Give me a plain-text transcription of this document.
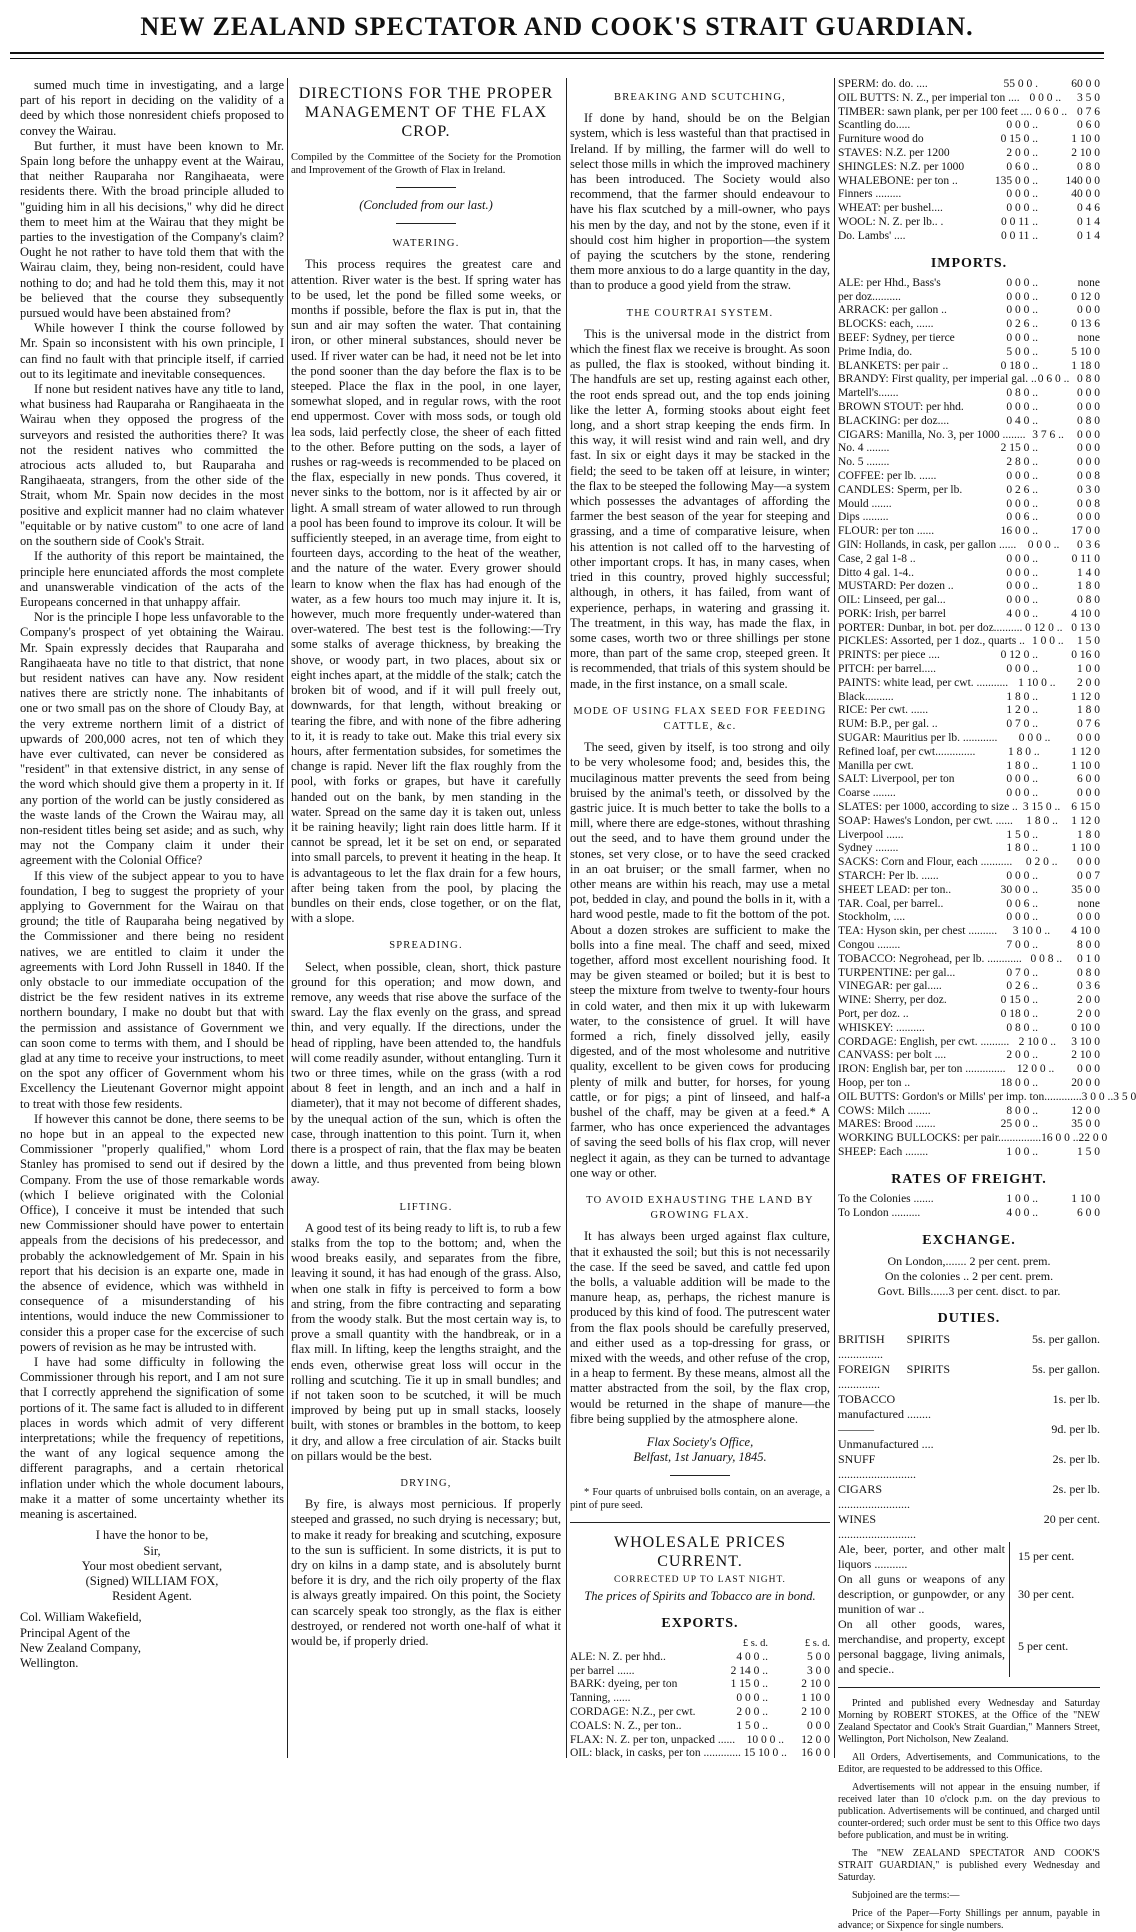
NEW ZEALAND SPECTATOR AND COOK'S STRAIT GUARDIAN.

sumed much time in investigating, and a large part of his report in deciding on the validity of a deed by which those nonresident chiefs proposed to convey the Wairau.

But further, it must have been known to Mr. Spain long before the unhappy event at the Wairau, that neither Rauparaha nor Rangihaeata, were residents there. With the broad principle alluded to "guiding him in all his decisions," why did he direct them to meet him at the Wairau that they might be parties to the investigation of the Company's claim? Ought he not rather to have told them that with the Wairau claim, they, being non-resident, could have nothing to do; and had he told them this, may it not be believed that the course they subsequently pursued would have been abstained from?

While however I think the course followed by Mr. Spain so inconsistent with his own principle, I can find no fault with that principle itself, if carried out to its legitimate and inevitable consequences.

If none but resident natives have any title to land, what business had Rauparaha or Rangihaeata in the Wairau when they opposed the progress of the surveyors and resisted the authorities there? It was not the resident natives who committed the atrocious acts alluded to, but Rauparaha and Rangihaeata, strangers, from the other side of the Strait, whom Mr. Spain now decides in the most positive and explicit manner had no claim whatever "equitable or by native custom" to one acre of land on the southern side of Cook's Strait.

If the authority of this report be maintained, the principle here enunciated affords the most complete and unanswerable vindication of the acts of the Europeans concerned in that unhappy affair.

Nor is the principle I hope less unfavorable to the Company's prospect of yet obtaining the Wairau. Mr. Spain expressly decides that Rauparaha and Rangihaeata have no title to that district, that none but resident natives can have any. Now resident natives there are strictly none. The inhabitants of one or two small pas on the shore of Cloudy Bay, at the very extreme northern limit of a district of upwards of 200,000 acres, not ten of which they have ever cultivated, can never be considered as "resident" in that extensive district, in any sense of the word which should give them a property in it. If any portion of the world can be justly considered as the waste lands of the Crown the Wairau may, all non-resident titles being set aside; and as such, why may not the Company claim it under their agreement with the Colonial Office?

If this view of the subject appear to you to have foundation, I beg to suggest the propriety of your applying to Government for the Wairau on that ground; the title of Rauparaha being negatived by the Commissioner and there being no resident natives, we are entitled to claim it under the agreements with Lord John Russell in 1840. If the only obstacle to our immediate occupation of the district be the few resident natives in its extreme northern boundary, I make no doubt but that with the permission and assistance of Government we can soon come to terms with them, and I should be glad at any time to receive your instructions, to meet on the spot any officer of Government whom his Excellency the Lieutenant Governor might appoint to treat with those few residents.

If however this cannot be done, there seems to be no hope but in an appeal to the expected new Commissioner "properly qualified," whom Lord Stanley has promised to send out if desired by the Company. From the use of those remarkable words (which I believe originated with the Colonial Office), I conceive it must be intended that such new Commissioner should have power to entertain appeals from the decisions of his predecessor, and probably the acknowledgement of Mr. Spain in his report that his decision is an exparte one, made in the absence of evidence, which was withheld in consequence of a misunderstanding of his intentions, would induce the new Commissioner to consider this a proper case for the excercise of such powers of revision as he may be intrusted with.

I have had some difficulty in following the Commissioner through his report, and I am not sure that I correctly apprehend the signification of some portions of it. The same fact is alluded to in different places in words which admit of very different interpretations; while the frequency of repetitions, the want of any logical sequence among the different paragraphs, and a certain rhetorical inflation under which the whole document labours, make it a matter of some uncertainty whether its meaning is ascertained.

I have the honor to be,
Sir,
Your most obedient servant,
(Signed) WILLIAM FOX,
Resident Agent.
Col. William Wakefield,
Principal Agent of the
New Zealand Company,
Wellington.
DIRECTIONS FOR THE PROPER MANAGEMENT OF THE FLAX CROP.
Compiled by the Committee of the Society for the Promotion and Improvement of the Growth of Flax in Ireland.
(Concluded from our last.)
WATERING.

This process requires the greatest care and attention. River water is the best. If spring water has to be used, let the pond be filled some weeks, or months if possible, before the flax is put in, that the sun and air may soften the water. That containing iron, or other mineral substances, should never be used. If river water can be had, it need not be let into the pond sooner than the day before the flax is to be steeped. Place the flax in the pool, in one layer, somewhat sloped, and in regular rows, with the root end uppermost. Cover with moss sods, or tough old lea sods, laid perfectly close, the sheer of each fitted to the other. Before putting on the sods, a layer of rushes or rag-weeds is recommended to be placed on the flax, especially in new ponds. Thus covered, it never sinks to the bottom, nor is it affected by air or light. A small stream of water allowed to run through a pool has been found to improve its colour. It will be sufficiently steeped, in an average time, from eight to fourteen days, according to the heat of the weather, and the nature of the water. Every grower should learn to know when the flax has had enough of the water, as a few hours too much may injure it. It is, however, much more frequently under-watered than over-watered. The best test is the following:—Try some stalks of average thickness, by breaking the shove, or woody part, in two places, about six or eight inches apart, at the middle of the stalk; catch the broken bit of wood, and if it will pull freely out, downwards, for that length, without breaking or tearing the fibre, and with none of the fibre adhering to it, it is ready to take out. Make this trial every six hours, after fermentation subsides, for sometimes the change is rapid. Never lift the flax roughly from the pool, with forks or grapes, but have it carefully handed out on the bank, by men standing in the water. Spread on the same day it is taken out, unless it be raining heavily; light rain does little harm. If it cannot be spread, let it be set on end, or separated into small parcels, to prevent it heating in the heap. It is advantageous to let the flax drain for a few hours, after being taken from the pool, by placing the bundles on their ends, close together, or on the flat, with a slope.

SPREADING.

Select, when possible, clean, short, thick pasture ground for this operation; and mow down, and remove, any weeds that rise above the surface of the sward. Lay the flax evenly on the grass, and spread thin, and very equally. If the directions, under the head of rippling, have been attended to, the handfuls will come readily asunder, without entangling. Turn it two or three times, while on the grass (with a rod about 8 feet in length, and an inch and a half in diameter), that it may not become of different shades, by the unequal action of the sun, which is often the case, through inattention to this point. Turn it, when there is a prospect of rain, that the flax may be beaten down a little, and thus prevented from being blown away.

LIFTING.

A good test of its being ready to lift is, to rub a few stalks from the top to the bottom; and, when the wood breaks easily, and separates from the fibre, leaving it sound, it has had enough of the grass. Also, when one stalk in fifty is perceived to form a bow and string, from the fibre contracting and separating from the woody stalk. But the most certain way is, to prove a small quantity with the handbreak, or in a flax mill. In lifting, keep the lengths straight, and the ends even, otherwise great loss will occur in the rolling and scutching. Tie it up in small bundles; and if not taken soon to be scutched, it will be much improved by being put up in small stacks, loosely built, with stones or brambles in the bottom, to keep it dry, and allow a free circulation of air. Stacks built on pillars would be the best.

DRYING,

By fire, is always most pernicious. If properly steeped and grassed, no such drying is necessary; but, to make it ready for breaking and scutching, exposure to the sun is sufficient. In some districts, it is put to dry on kilns in a damp state, and is absolutely burnt before it is dry, and the rich oily property of the flax is always greatly impaired. On this point, the Society can scarcely speak too strongly, as the flax is either destroyed, or rendered not worth one-half of what it would be, if properly dried.

BREAKING AND SCUTCHING,

If done by hand, should be on the Belgian system, which is less wasteful than that practised in Ireland. If by milling, the farmer will do well to select those mills in which the improved machinery has been introduced. The Society would also recommend, that the farmer should endeavour to have his flax scutched by a mill-owner, who pays his men by the day, and not by the stone, even if it should cost him higher in proportion—the system of paying the scutchers by the stone, rendering them more anxious to do a large quantity in the day, than to produce a good yield from the straw.

THE COURTRAI SYSTEM.

This is the universal mode in the district from which the finest flax we receive is brought. As soon as pulled, the flax is stooked, without binding it. The handfuls are set up, resting against each other, the root ends spread out, and the top ends joining like the letter A, forming stooks about eight feet long, and a short strap keeping the ends firm. In this way, it will resist wind and rain well, and dry fast. In six or eight days it may be stacked in the field; the seed to be taken off at leisure, in winter; the flax to be steeped the following May—a system which possesses the advantages of affording the farmer the best season of the year for steeping and grassing, and a time of comparative leisure, when his attention is not called off to the harvesting of other important crops. It has, in many cases, when tried in this country, proved highly successful; although, in others, it has failed, from want of experience, perhaps, in watering and grassing it. The treatment, in this way, has made the flax, in some cases, worth two or three shillings per stone more, than part of the same crop, steeped green. It is recommended, that trials of this system should be made, in the first instance, on a small scale.

MODE OF USING FLAX SEED FOR FEEDING CATTLE, &c.

The seed, given by itself, is too strong and oily to be very wholesome food; and, besides this, the mucilaginous matter prevents the seed from being bruised by the animal's teeth, or dissolved by the gastric juice. It is much better to take the bolls to a mill, where there are edge-stones, without thrashing out the seed, and to have them ground under the stones, set very close, or to have the seed cracked in an oat bruiser; or the small farmer, when no other means are within his reach, may use a metal pot, bedded in clay, and pound the bolls in it, with a hard wood pestle, made to fit the bottom of the pot. About a dozen strokes are sufficient to make the bolls into a fine meal. The chaff and seed, mixed together, afford most excellent nourishing food. It may be given steamed or boiled; but it is best to steep the mixture from twelve to twenty-four hours in cold water, and then mix it up with lukewarm water, to the consistence of gruel. It will have formed a rich, finely dissolved jelly, easily digested, and of the most wholesome and nutritive quality, excellent to be given cows for producing plenty of milk and butter, for horses, for young cattle, or for pigs; a pint of linseed, and half-a bushel of the chaff, may be given at a feed.* A farmer, who has once experienced the advantages of saving the seed bolls of his flax crop, will never neglect it again, as they can be turned to advantage one way or other.

TO AVOID EXHAUSTING THE LAND BY GROWING FLAX.

It has always been urged against flax culture, that it exhausted the soil; but this is not necessarily the case. If the seed be saved, and cattle fed upon the bolls, a valuable addition will be made to the manure heap, as, perhaps, the richest manure is produced by this kind of food. The putrescent water from the flax pools should be carefully preserved, and either used as a top-dressing for grass, or mixed with the weeds, and other refuse of the crop, in a heap to ferment. By these means, almost all the matter abstracted from the soil, by the flax crop, would be returned in the shape of manure—the fibre being supplied by the atmosphere alone.

Flax Society's Office,
Belfast, 1st January, 1845.

* Four quarts of unbruised bolls contain, on an average, a pint of pure seed.

WHOLESALE PRICES CURRENT.
CORRECTED UP TO LAST NIGHT.
The prices of Spirits and Tobacco are in bond.
EXPORTS.
£ s. d.	£ s. d.
ALE: N. Z. per hhd..	4 0 0 ..	5 0 0
per barrel ......	2 14 0 ..	3 0 0
BARK: dyeing, per ton	1 15 0 ..	2 10 0
Tanning, ......	0 0 0 ..	1 10 0
CORDAGE: N.Z., per cwt.	2 0 0 ..	2 10 0
COALS: N. Z., per ton..	1 5 0 ..	0 0 0
FLAX: N. Z. per ton, unpacked ......	10 0 0 ..	12 0 0
OIL: black, in casks, per ton ............. 15 10 0 ..	16 0 0
SPERM: do. do. ....	55 0 0 .	60 0 0
OIL BUTTS: N. Z., per imperial ton .... 0 0 0 ..	3 5 0
TIMBER: sawn plank, per per 100 feet .... 0 6 0 .. 0 7 6
Scantling do.....	0 0 0 ..	0 6 0
Furniture wood do	0 15 0 ..	1 10 0
STAVES: N.Z. per 1200	2 0 0 ..	2 10 0
SHINGLES: N.Z. per 1000	0 6 0 ..	0 8 0
WHALEBONE: per ton ..	135 0 0 ..	140 0 0
Finners .........	0 0 0 ..	40 0 0
WHEAT: per bushel....	0 0 0 ..	0 4 6
WOOL: N. Z. per lb.. .	0 0 11 ..	0 1 4
Do. Lambs' ....	0 0 11 ..	0 1 4
IMPORTS.
ALE: per Hhd., Bass's	0 0 0 ..	none
per doz..........	0 0 0 ..	0 12 0
ARRACK: per gallon ..	0 0 0 ..	0 0 0
BLOCKS: each, ......	0 2 6 ..	0 13 6
BEEF: Sydney, per tierce	0 0 0 ..	none
Prime India, do.	5 0 0 ..	5 10 0
BLANKETS: per pair ..	0 18 0 ..	1 18 0
BRANDY: First quality, per imperial gal. .. 0 6 0 .. 0 8 0
Martell's.......	0 8 0 ..	0 0 0
BROWN STOUT: per hhd.	0 0 0 ..	0 0 0
BLACKING: per doz....	0 4 0 ..	0 8 0
CIGARS: Manilla, No. 3, per 1000 ........ 3 7 6 ..	0 0 0
No. 4 ........	2 15 0 ..	0 0 0
No. 5 ........	2 8 0 ..	0 0 0
COFFEE: per lb. ......	0 0 0 ..	0 0 8
CANDLES: Sperm, per lb.	0 2 6 ..	0 3 0
Mould .......	0 0 0 ..	0 0 8
Dips .........	0 0 6 ..	0 0 0
FLOUR: per ton ......	16 0 0 ..	17 0 0
GIN: Hollands, in cask, per gallon ......	0 0 0 ..	0 3 6
Case, 2 gal 1-8 ..	0 0 0 ..	0 11 0
Ditto 4 gal. 1-4..	0 0 0 ..	1 4 0
MUSTARD: Per dozen ..	0 0 0 ..	1 8 0
OIL: Linseed, per gal...	0 0 0 ..	0 8 0
PORK: Irish, per barrel	4 0 0 ..	4 10 0
PORTER: Dunbar, in bot. per doz.......... 0 12 0 .. 0 13 0
PICKLES: Assorted, per 1 doz., quarts .. 1 0 0 ..	1 5 0
PRINTS: per piece ....	0 12 0 ..	0 16 0
PITCH: per barrel.....	0 0 0 ..	1 0 0
PAINTS: white lead, per cwt. ........... 1 10 0 ..	2 0 0
Black..........	1 8 0 ..	1 12 0
RICE: Per cwt. ......	1 2 0 ..	1 8 0
RUM: B.P., per gal. ..	0 7 0 ..	0 7 6
SUGAR: Mauritius per lb. ............	0 0 0 ..	0 0 0
Refined loaf, per cwt..............	1 8 0 ..	1 12 0
Manilla per cwt.	1 8 0 ..	1 10 0
SALT: Liverpool, per ton	0 0 0 ..	6 0 0
Coarse ........	0 0 0 ..	0 0 0
SLATES: per 1000, according to size .. 3 15 0 .. 6 15 0
SOAP: Hawes's London, per cwt. ......	1 8 0 ..	1 12 0
Liverpool ......	1 5 0 ..	1 8 0
Sydney ........	1 8 0 ..	1 10 0
SACKS: Corn and Flour, each ...........	0 2 0 ..	0 0 0
STARCH: Per lb. ......	0 0 0 ..	0 0 7
SHEET LEAD: per ton..	30 0 0 ..	35 0 0
TAR. Coal, per barrel..	0 0 6 ..	none
Stockholm, ....	0 0 0 ..	0 0 0
TEA: Hyson skin, per chest ..........	3 10 0 ..	4 10 0
Congou ........	7 0 0 ..	8 0 0
TOBACCO: Negrohead, per lb. ............ 0 0 8 ..	0 1 0
TURPENTINE: per gal...	0 7 0 ..	0 8 0
VINEGAR: per gal.....	0 2 6 ..	0 3 6
WINE: Sherry, per doz.	0 15 0 ..	2 0 0
Port, per doz. ..	0 18 0 ..	2 0 0
WHISKEY: ..........	0 8 0 ..	0 10 0
CORDAGE: English, per cwt. .......... 2 10 0 ..	3 10 0
CANVASS: per bolt ....	2 0 0 ..	2 10 0
IRON: English bar, per ton .............. 12 0 0 ..	0 0 0
Hoop, per ton ..	18 0 0 ..	20 0 0
OIL BUTTS: Gordon's or Mills' per imp. ton............. 3 0 0 .. 3 5 0
COWS: Milch ........	8 0 0 ..	12 0 0
MARES: Brood .......	25 0 0 ..	35 0 0
WORKING BULLOCKS: per pair............... 16 0 0 .. 22 0 0
SHEEP: Each ........	1 0 0 ..	1 5 0
RATES OF FREIGHT.
To the Colonies .......	1 0 0 ..	1 10 0
To London ..........	4 0 0 ..	6 0 0
EXCHANGE.
On London,....... 2 per cent. prem.
On the colonies .. 2 per cent. prem.
Govt. Bills......3 per cent. disct. to par.
DUTIES.
BRITISH SPIRITS ...............
5s. per gallon.
FOREIGN SPIRITS ..............
5s. per gallon.
TOBACCO manufactured ........
1s. per lb.
——— Unmanufactured ....
9d. per lb.
SNUFF ..........................
2s. per lb.
CIGARS ........................
2s. per lb.
WINES ..........................
20 per cent.
Ale, beer, porter, and other malt liquors ...........
15 per cent.
On all guns or weapons of any description, or gunpowder, or any munition of war ..
30 per cent.
On all other goods, wares, merchandise, and property, except personal baggage, living animals, and specie..
5 per cent.

Printed and published every Wednesday and Saturday Morning by ROBERT STOKES, at the Office of the "NEW Zealand Spectator and Cook's Strait Guardian," Manners Street, Wellington, Port Nicholson, New Zealand.

All Orders, Advertisements, and Communications, to the Editor, are requested to be addressed to this Office.

Advertisements will not appear in the ensuing number, if received later than 10 o'clock p.m. on the day previous to publication. Advertisements will be continued, and charged until counter-ordered; such order must be sent to this Office two days before publication, and must be in writing.

The "NEW ZEALAND SPECTATOR AND COOK'S STRAIT GUARDIAN," is published every Wednesday and Saturday.

Subjoined are the terms:—

Price of the Paper—Forty Shillings per annum, payable in advance; or Sixpence for single numbers.
